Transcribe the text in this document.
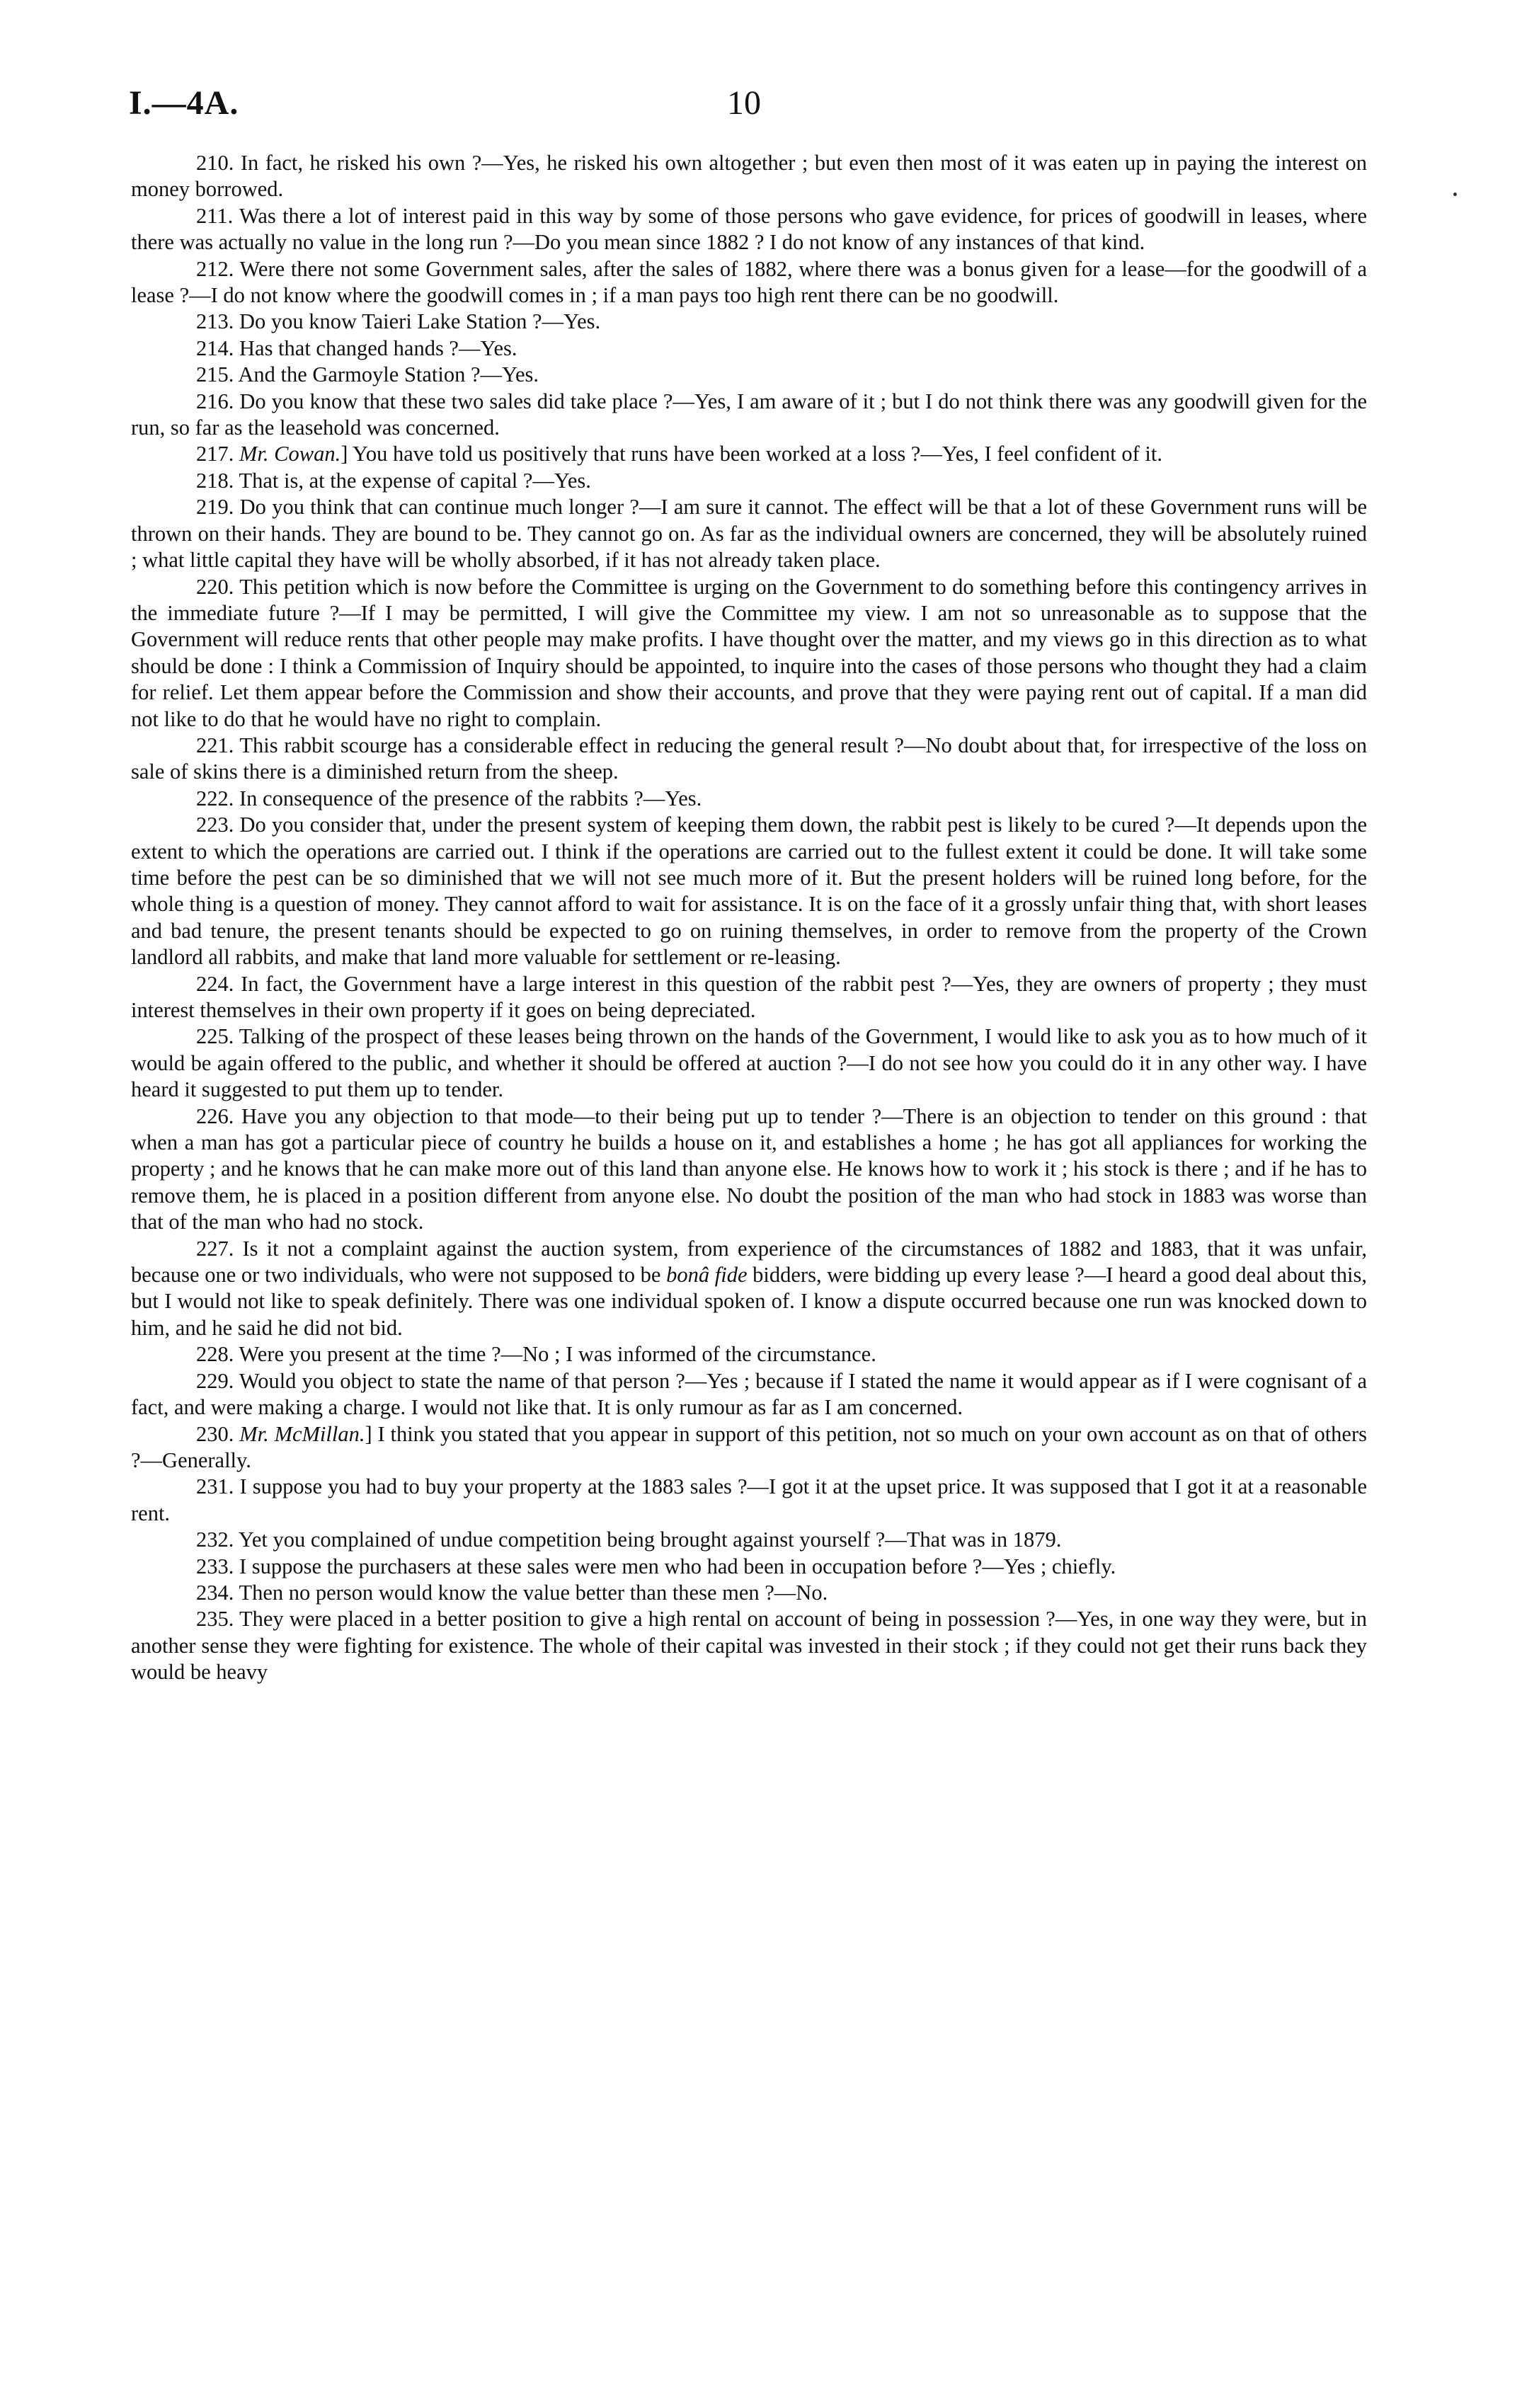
I.—4A.	10

210. In fact, he risked his own ?—Yes, he risked his own altogether ; but even then most of it was eaten up in paying the interest on money borrowed.

211. Was there a lot of interest paid in this way by some of those persons who gave evidence, for prices of goodwill in leases, where there was actually no value in the long run ?—Do you mean since 1882 ? I do not know of any instances of that kind.

212. Were there not some Government sales, after the sales of 1882, where there was a bonus given for a lease—for the goodwill of a lease ?—I do not know where the goodwill comes in ; if a man pays too high rent there can be no goodwill.

213. Do you know Taieri Lake Station ?—Yes.

214. Has that changed hands ?—Yes.

215. And the Garmoyle Station ?—Yes.

216. Do you know that these two sales did take place ?—Yes, I am aware of it ; but I do not think there was any goodwill given for the run, so far as the leasehold was concerned.

217. Mr. Cowan.] You have told us positively that runs have been worked at a loss ?—Yes, I feel confident of it.

218. That is, at the expense of capital ?—Yes.

219. Do you think that can continue much longer ?—I am sure it cannot. The effect will be that a lot of these Government runs will be thrown on their hands. They are bound to be. They cannot go on. As far as the individual owners are concerned, they will be absolutely ruined ; what little capital they have will be wholly absorbed, if it has not already taken place.

220. This petition which is now before the Committee is urging on the Government to do something before this contingency arrives in the immediate future ?—If I may be permitted, I will give the Committee my view. I am not so unreasonable as to suppose that the Government will reduce rents that other people may make profits. I have thought over the matter, and my views go in this direction as to what should be done : I think a Commission of Inquiry should be appointed, to inquire into the cases of those persons who thought they had a claim for relief. Let them appear before the Commission and show their accounts, and prove that they were paying rent out of capital. If a man did not like to do that he would have no right to complain.

221. This rabbit scourge has a considerable effect in reducing the general result ?—No doubt about that, for irrespective of the loss on sale of skins there is a diminished return from the sheep.

222. In consequence of the presence of the rabbits ?—Yes.

223. Do you consider that, under the present system of keeping them down, the rabbit pest is likely to be cured ?—It depends upon the extent to which the operations are carried out. I think if the operations are carried out to the fullest extent it could be done. It will take some time before the pest can be so diminished that we will not see much more of it. But the present holders will be ruined long before, for the whole thing is a question of money. They cannot afford to wait for assistance. It is on the face of it a grossly unfair thing that, with short leases and bad tenure, the present tenants should be expected to go on ruining themselves, in order to remove from the property of the Crown landlord all rabbits, and make that land more valuable for settlement or re-leasing.

224. In fact, the Government have a large interest in this question of the rabbit pest ?—Yes, they are owners of property ; they must interest themselves in their own property if it goes on being depreciated.

225. Talking of the prospect of these leases being thrown on the hands of the Government, I would like to ask you as to how much of it would be again offered to the public, and whether it should be offered at auction ?—I do not see how you could do it in any other way. I have heard it suggested to put them up to tender.

226. Have you any objection to that mode—to their being put up to tender ?—There is an objection to tender on this ground : that when a man has got a particular piece of country he builds a house on it, and establishes a home ; he has got all appliances for working the property ; and he knows that he can make more out of this land than anyone else. He knows how to work it ; his stock is there ; and if he has to remove them, he is placed in a position different from anyone else. No doubt the position of the man who had stock in 1883 was worse than that of the man who had no stock.

227. Is it not a complaint against the auction system, from experience of the circumstances of 1882 and 1883, that it was unfair, because one or two individuals, who were not supposed to be bonâ fide bidders, were bidding up every lease ?—I heard a good deal about this, but I would not like to speak definitely. There was one individual spoken of. I know a dispute occurred because one run was knocked down to him, and he said he did not bid.

228. Were you present at the time ?—No ; I was informed of the circumstance.

229. Would you object to state the name of that person ?—Yes ; because if I stated the name it would appear as if I were cognisant of a fact, and were making a charge. I would not like that. It is only rumour as far as I am concerned.

230. Mr. McMillan.] I think you stated that you appear in support of this petition, not so much on your own account as on that of others ?—Generally.

231. I suppose you had to buy your property at the 1883 sales ?—I got it at the upset price. It was supposed that I got it at a reasonable rent.

232. Yet you complained of undue competition being brought against yourself ?—That was in 1879.

233. I suppose the purchasers at these sales were men who had been in occupation before ?—Yes ; chiefly.

234. Then no person would know the value better than these men ?—No.

235. They were placed in a better position to give a high rental on account of being in possession ?—Yes, in one way they were, but in another sense they were fighting for existence. The whole of their capital was invested in their stock ; if they could not get their runs back they would be heavy
